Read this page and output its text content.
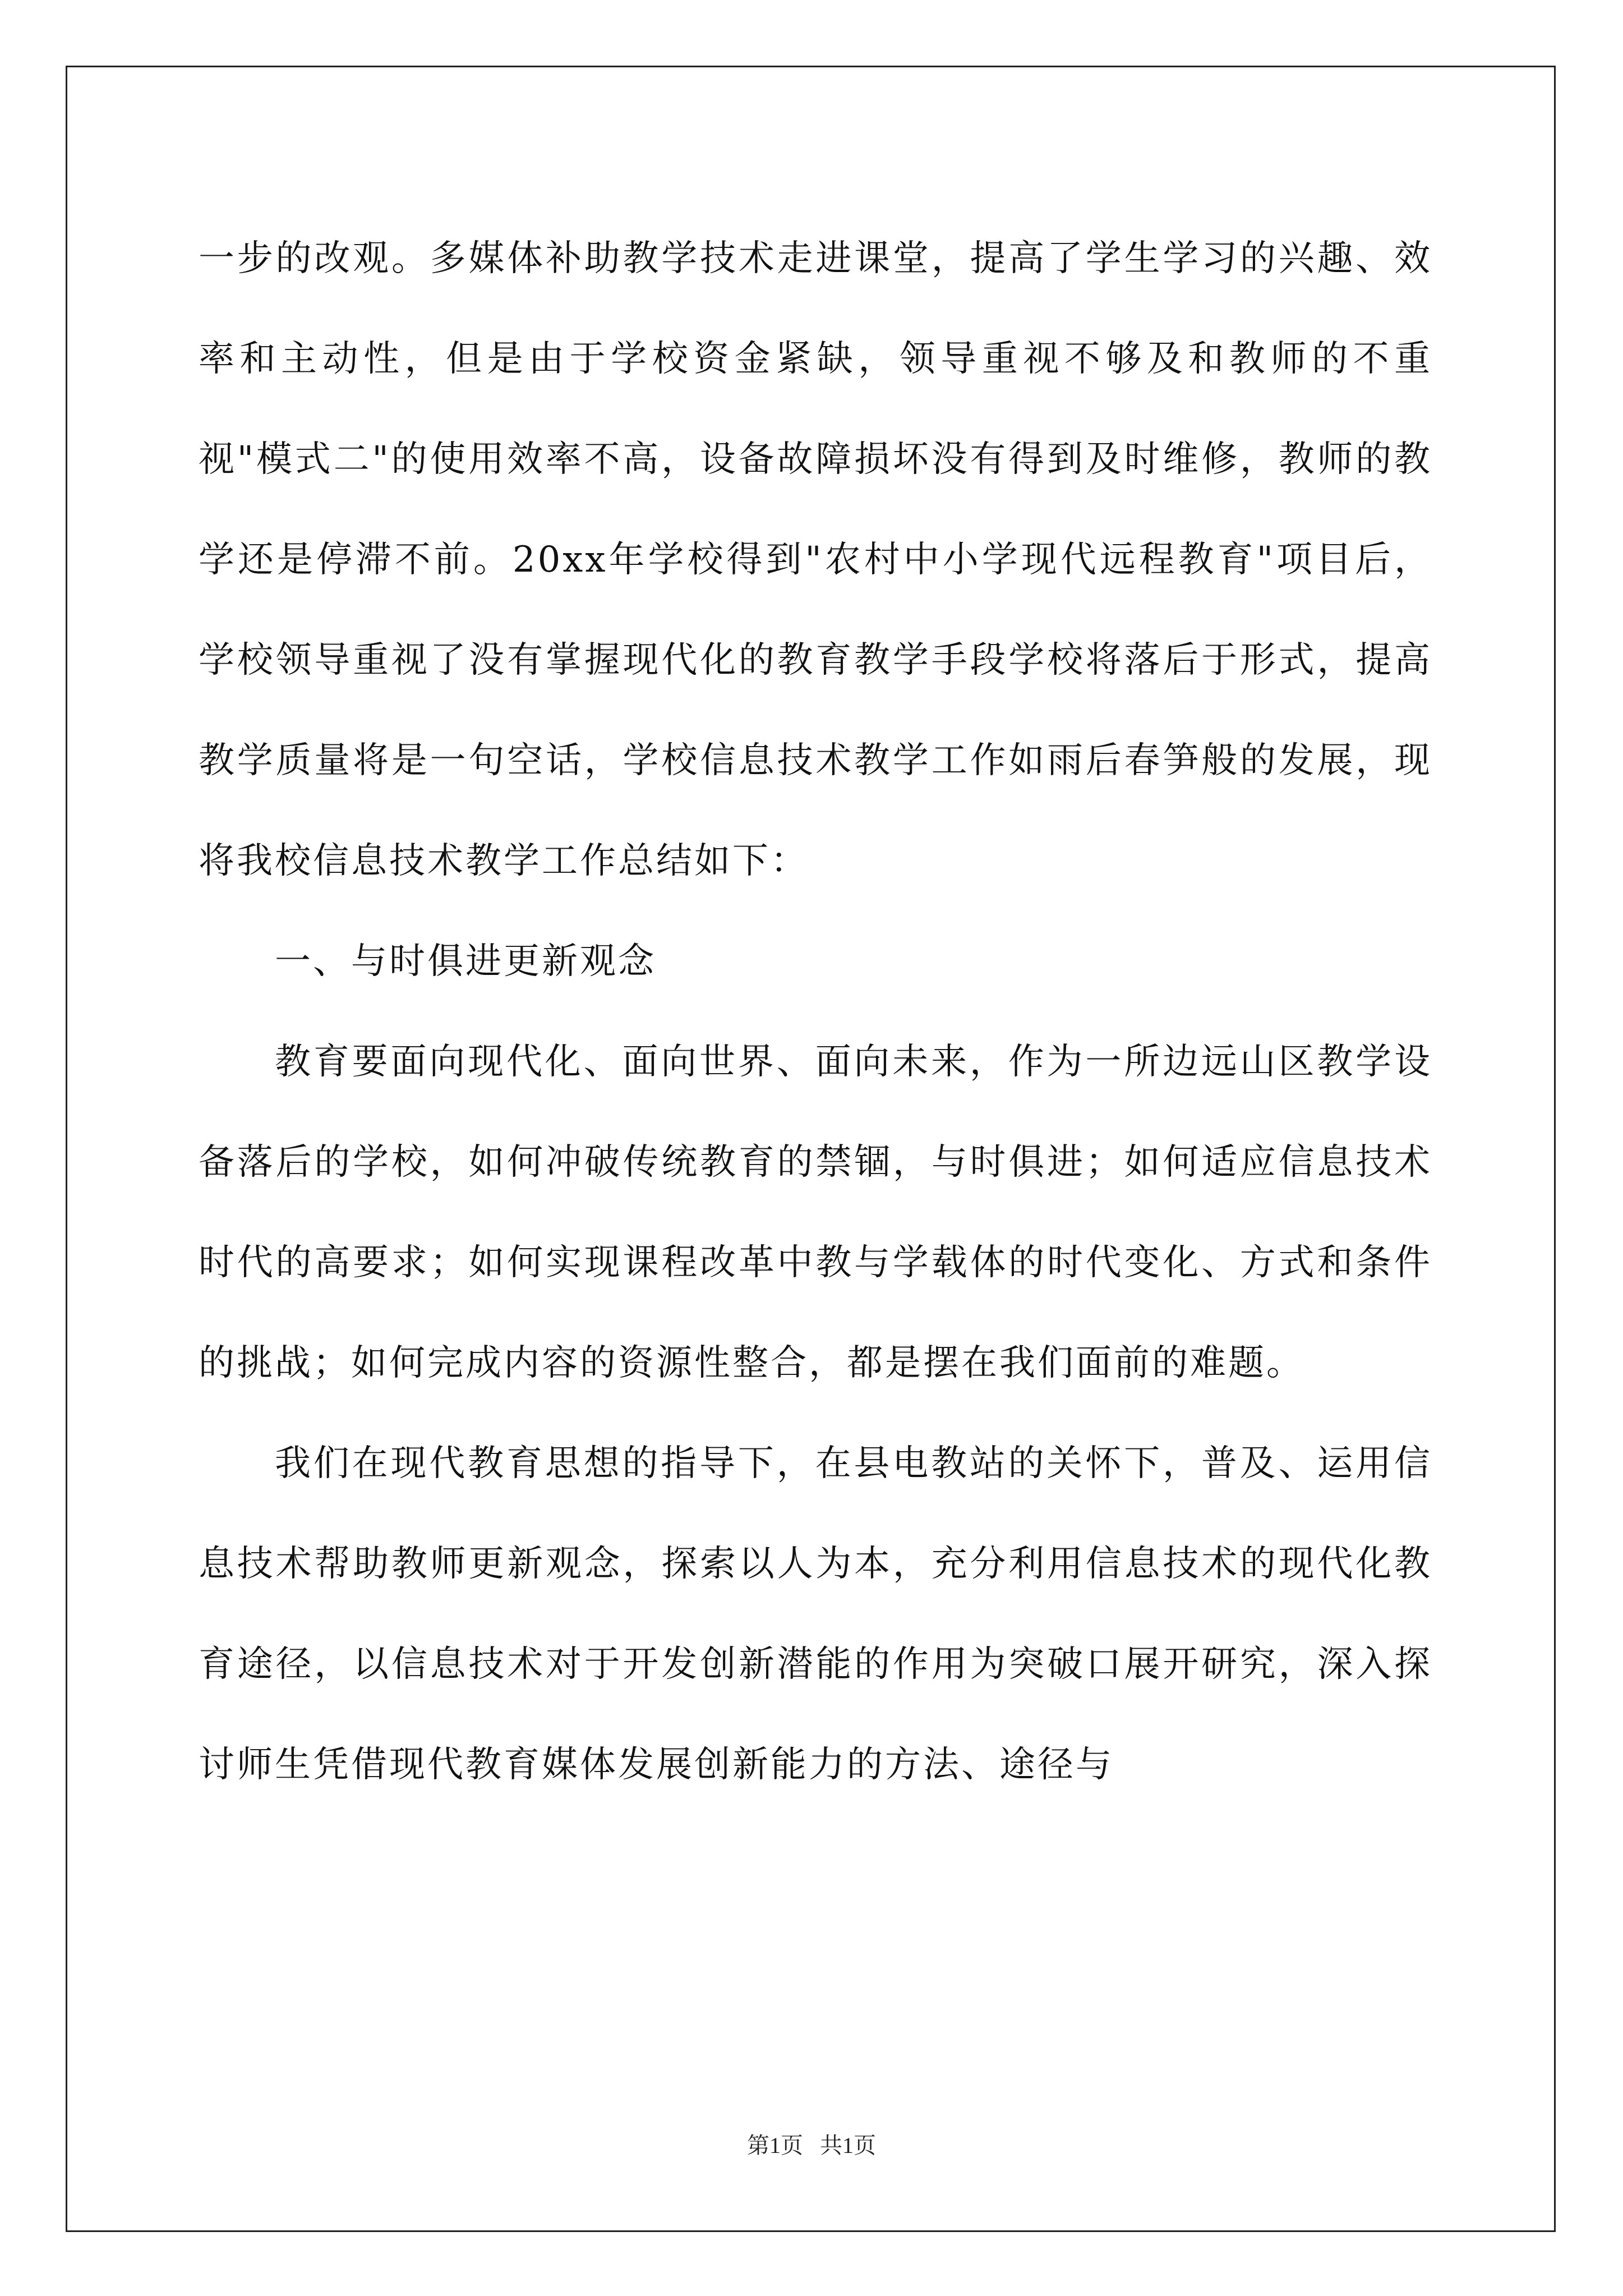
一步的改观。多媒体补助教学技术走进课堂，提高了学生学习的兴趣、效率和主动性，但是由于学校资金紧缺，领导重视不够及和教师的不重视"模式二"的使用效率不高，设备故障损坏没有得到及时维修，教师的教学还是停滞不前。20xx年学校得到"农村中小学现代远程教育"项目后，学校领导重视了没有掌握现代化的教育教学手段学校将落后于形式，提高教学质量将是一句空话，学校信息技术教学工作如雨后春笋般的发展，现将我校信息技术教学工作总结如下：

一、与时俱进更新观念

教育要面向现代化、面向世界、面向未来，作为一所边远山区教学设备落后的学校，如何冲破传统教育的禁锢，与时俱进；如何适应信息技术时代的高要求；如何实现课程改革中教与学载体的时代变化、方式和条件的挑战；如何完成内容的资源性整合，都是摆在我们面前的难题。

我们在现代教育思想的指导下，在县电教站的关怀下，普及、运用信息技术帮助教师更新观念，探索以人为本，充分利用信息技术的现代化教育途径，以信息技术对于开发创新潜能的作用为突破口展开研究，深入探讨师生凭借现代教育媒体发展创新能力的方法、途径与

第1页 共1页
